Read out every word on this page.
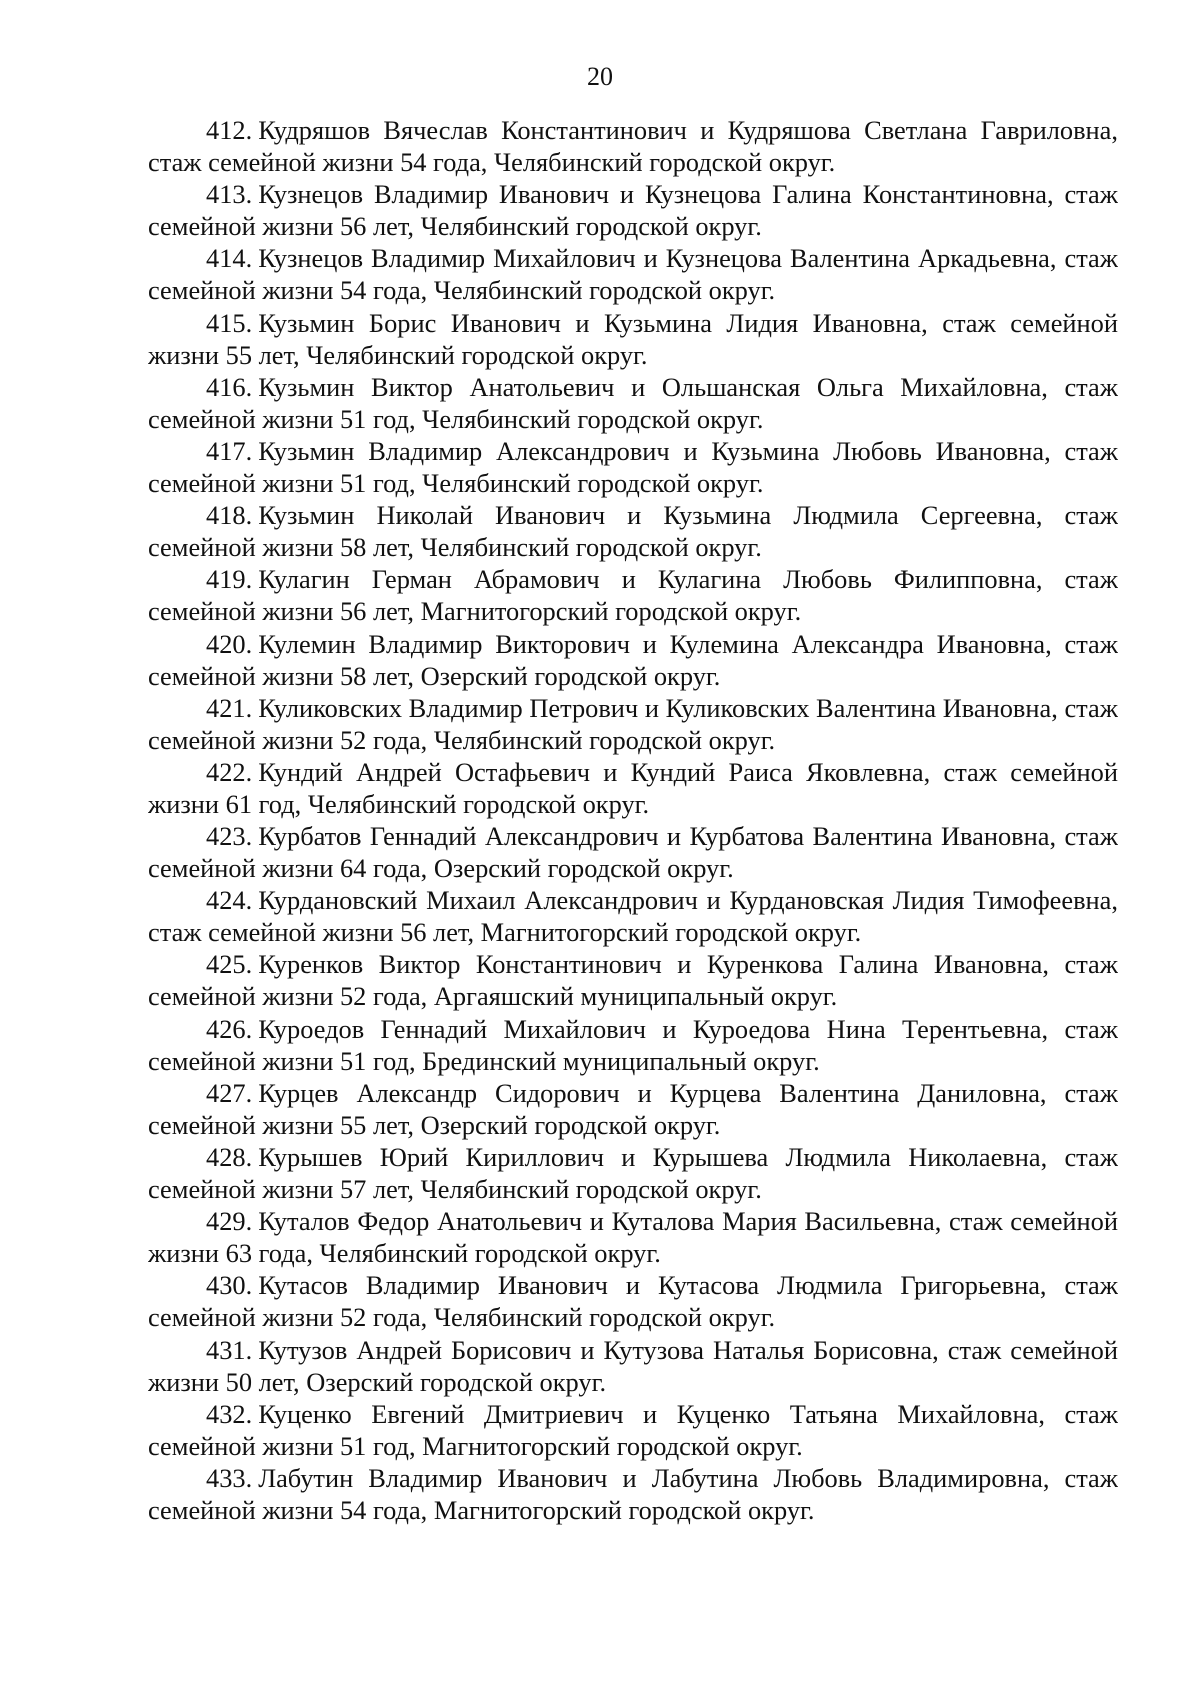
20
412. Кудряшов Вячеслав Константинович и Кудряшова Светлана Гавриловна, стаж семейной жизни 54 года, Челябинский городской округ.
413. Кузнецов Владимир Иванович и Кузнецова Галина Константиновна, стаж семейной жизни 56 лет, Челябинский городской округ.
414. Кузнецов Владимир Михайлович и Кузнецова Валентина Аркадьевна, стаж семейной жизни 54 года, Челябинский городской округ.
415. Кузьмин Борис Иванович и Кузьмина Лидия Ивановна, стаж семейной жизни 55 лет, Челябинский городской округ.
416. Кузьмин Виктор Анатольевич и Ольшанская Ольга Михайловна, стаж семейной жизни 51 год, Челябинский городской округ.
417. Кузьмин Владимир Александрович и Кузьмина Любовь Ивановна, стаж семейной жизни 51 год, Челябинский городской округ.
418. Кузьмин Николай Иванович и Кузьмина Людмила Сергеевна, стаж семейной жизни 58 лет, Челябинский городской округ.
419. Кулагин Герман Абрамович и Кулагина Любовь Филипповна, стаж семейной жизни 56 лет, Магнитогорский городской округ.
420. Кулемин Владимир Викторович и Кулемина Александра Ивановна, стаж семейной жизни 58 лет, Озерский городской округ.
421. Куликовских Владимир Петрович и Куликовских Валентина Ивановна, стаж семейной жизни 52 года, Челябинский городской округ.
422. Кундий Андрей Остафьевич и Кундий Раиса Яковлевна, стаж семейной жизни 61 год, Челябинский городской округ.
423. Курбатов Геннадий Александрович и Курбатова Валентина Ивановна, стаж семейной жизни 64 года, Озерский городской округ.
424. Курдановский Михаил Александрович и Курдановская Лидия Тимофеевна, стаж семейной жизни 56 лет, Магнитогорский городской округ.
425. Куренков Виктор Константинович и Куренкова Галина Ивановна, стаж семейной жизни 52 года, Аргаяшский муниципальный округ.
426. Куроедов Геннадий Михайлович и Куроедова Нина Терентьевна, стаж семейной жизни 51 год, Брединский муниципальный округ.
427. Курцев Александр Сидорович и Курцева Валентина Даниловна, стаж семейной жизни 55 лет, Озерский городской округ.
428. Курышев Юрий Кириллович и Курышева Людмила Николаевна, стаж семейной жизни 57 лет, Челябинский городской округ.
429. Куталов Федор Анатольевич и Куталова Мария Васильевна, стаж семейной жизни 63 года, Челябинский городской округ.
430. Кутасов Владимир Иванович и Кутасова Людмила Григорьевна, стаж семейной жизни 52 года, Челябинский городской округ.
431. Кутузов Андрей Борисович и Кутузова Наталья Борисовна, стаж семейной жизни 50 лет, Озерский городской округ.
432. Куценко Евгений Дмитриевич и Куценко Татьяна Михайловна, стаж семейной жизни 51 год, Магнитогорский городской округ.
433. Лабутин Владимир Иванович и Лабутина Любовь Владимировна, стаж семейной жизни 54 года, Магнитогорский городской округ.
